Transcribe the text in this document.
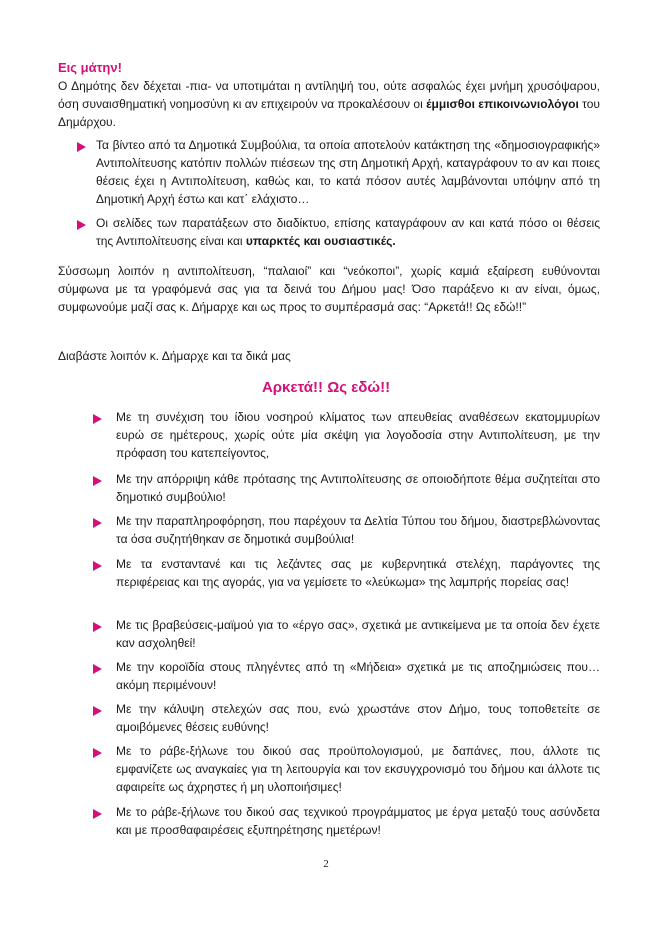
Εις μάτην!
Ο Δημότης δεν δέχεται -πια- να υποτιμάται η αντίληψή του, ούτε ασφαλώς έχει μνήμη χρυσόψαρου, όση συναισθηματική νοημοσύνη κι αν επιχειρούν να προκαλέσουν οι έμμισθοι επικοινωνιολόγοι του Δημάρχου.
Τα βίντεο από τα Δημοτικά Συμβούλια, τα οποία αποτελούν κατάκτηση της «δημοσιογραφικής» Αντιπολίτευσης κατόπιν πολλών πιέσεων της στη Δημοτική Αρχή, καταγράφουν το αν και ποιες θέσεις έχει η Αντιπολίτευση, καθώς και, το κατά πόσον αυτές λαμβάνονται υπόψην από τη Δημοτική Αρχή έστω και κατ΄ ελάχιστο…
Οι σελίδες των παρατάξεων στο διαδίκτυο, επίσης καταγράφουν αν και κατά πόσο οι θέσεις της Αντιπολίτευσης είναι και υπαρκτές και ουσιαστικές.
Σύσσωμη λοιπόν η αντιπολίτευση, “παλαιοί” και “νεόκοποι”, χωρίς καμιά εξαίρεση ευθύνονται σύμφωνα με τα γραφόμενά σας για τα δεινά του Δήμου μας! Όσο παράξενο κι αν είναι, όμως, συμφωνούμε μαζί σας κ. Δήμαρχε και ως προς το συμπέρασμά σας: “Αρκετά!! Ως εδώ!!”
Διαβάστε λοιπόν κ. Δήμαρχε και τα δικά μας
Αρκετά!! Ως εδώ!!
Με τη συνέχιση του ίδιου νοσηρού κλίματος των απευθείας αναθέσεων εκατομμυρίων ευρώ σε ημέτερους, χωρίς ούτε μία σκέψη για λογοδοσία στην Αντιπολίτευση, με την πρόφαση του κατεπείγοντος,
Με την απόρριψη κάθε πρότασης της Αντιπολίτευσης σε οποιοδήποτε θέμα συζητείται στο δημοτικό συμβούλιο!
Με την παραπληροφόρηση, που παρέχουν τα Δελτία Τύπου του δήμου, διαστρεβλώνοντας τα όσα συζητήθηκαν σε δημοτικά συμβούλια!
Με τα ενσταντανέ και τις λεζάντες σας με κυβερνητικά στελέχη, παράγοντες της περιφέρειας και της αγοράς, για να γεμίσετε το «λεύκωμα» της λαμπρής πορείας σας!
Με τις βραβεύσεις-μαϊμού για το «έργο σας», σχετικά με αντικείμενα με τα οποία δεν έχετε καν ασχοληθεί!
Με την κοροϊδία στους πληγέντες από τη «Μήδεια» σχετικά με τις αποζημιώσεις που… ακόμη περιμένουν!
Με την κάλυψη στελεχών σας που, ενώ χρωστάνε στον Δήμο, τους τοποθετείτε σε αμοιβόμενες θέσεις ευθύνης!
Με το ράβε-ξήλωνε του δικού σας προϋπολογισμού, με δαπάνες, που, άλλοτε τις εμφανίζετε ως αναγκαίες για τη λειτουργία και τον εκσυγχρονισμό του δήμου και άλλοτε τις αφαιρείτε ως άχρηστες ή μη υλοποιήσιμες!
Με το ράβε-ξήλωνε του δικού σας τεχνικού προγράμματος με έργα μεταξύ τους ασύνδετα και με προσθαφαιρέσεις εξυπηρέτησης ημετέρων!
2
